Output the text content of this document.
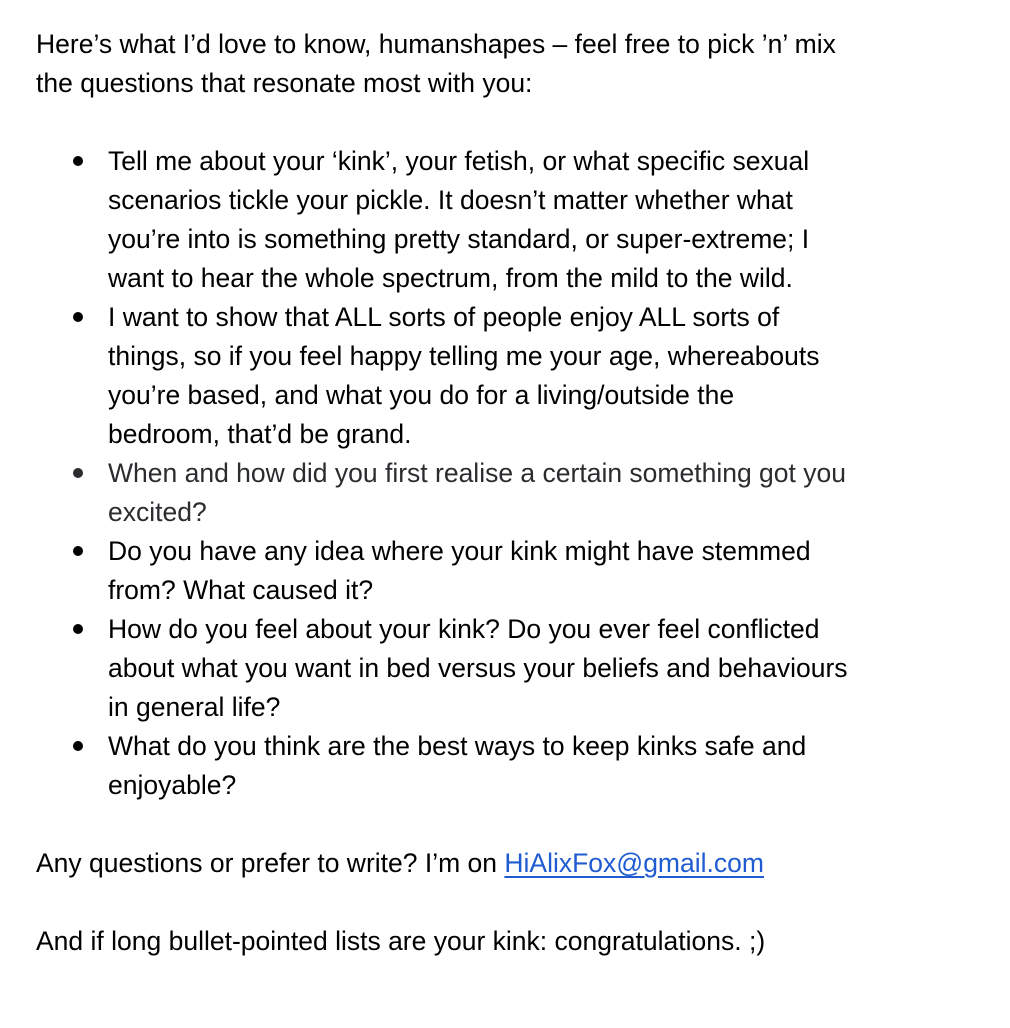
Here’s what I’d love to know, humanshapes – feel free to pick ’n’ mix
the questions that resonate most with you:

Tell me about your ‘kink’, your fetish, or what specific sexual
scenarios tickle your pickle. It doesn’t matter whether what
you’re into is something pretty standard, or super-extreme; I
want to hear the whole spectrum, from the mild to the wild.
I want to show that ALL sorts of people enjoy ALL sorts of
things, so if you feel happy telling me your age, whereabouts
you’re based, and what you do for a living/outside the
bedroom, that’d be grand.
When and how did you first realise a certain something got you
excited?
Do you have any idea where your kink might have stemmed
from? What caused it?
How do you feel about your kink? Do you ever feel conflicted
about what you want in bed versus your beliefs and behaviours
in general life?
What do you think are the best ways to keep kinks safe and
enjoyable?

Any questions or prefer to write? I’m on HiAlixFox@gmail.com

And if long bullet-pointed lists are your kink: congratulations. ;)
